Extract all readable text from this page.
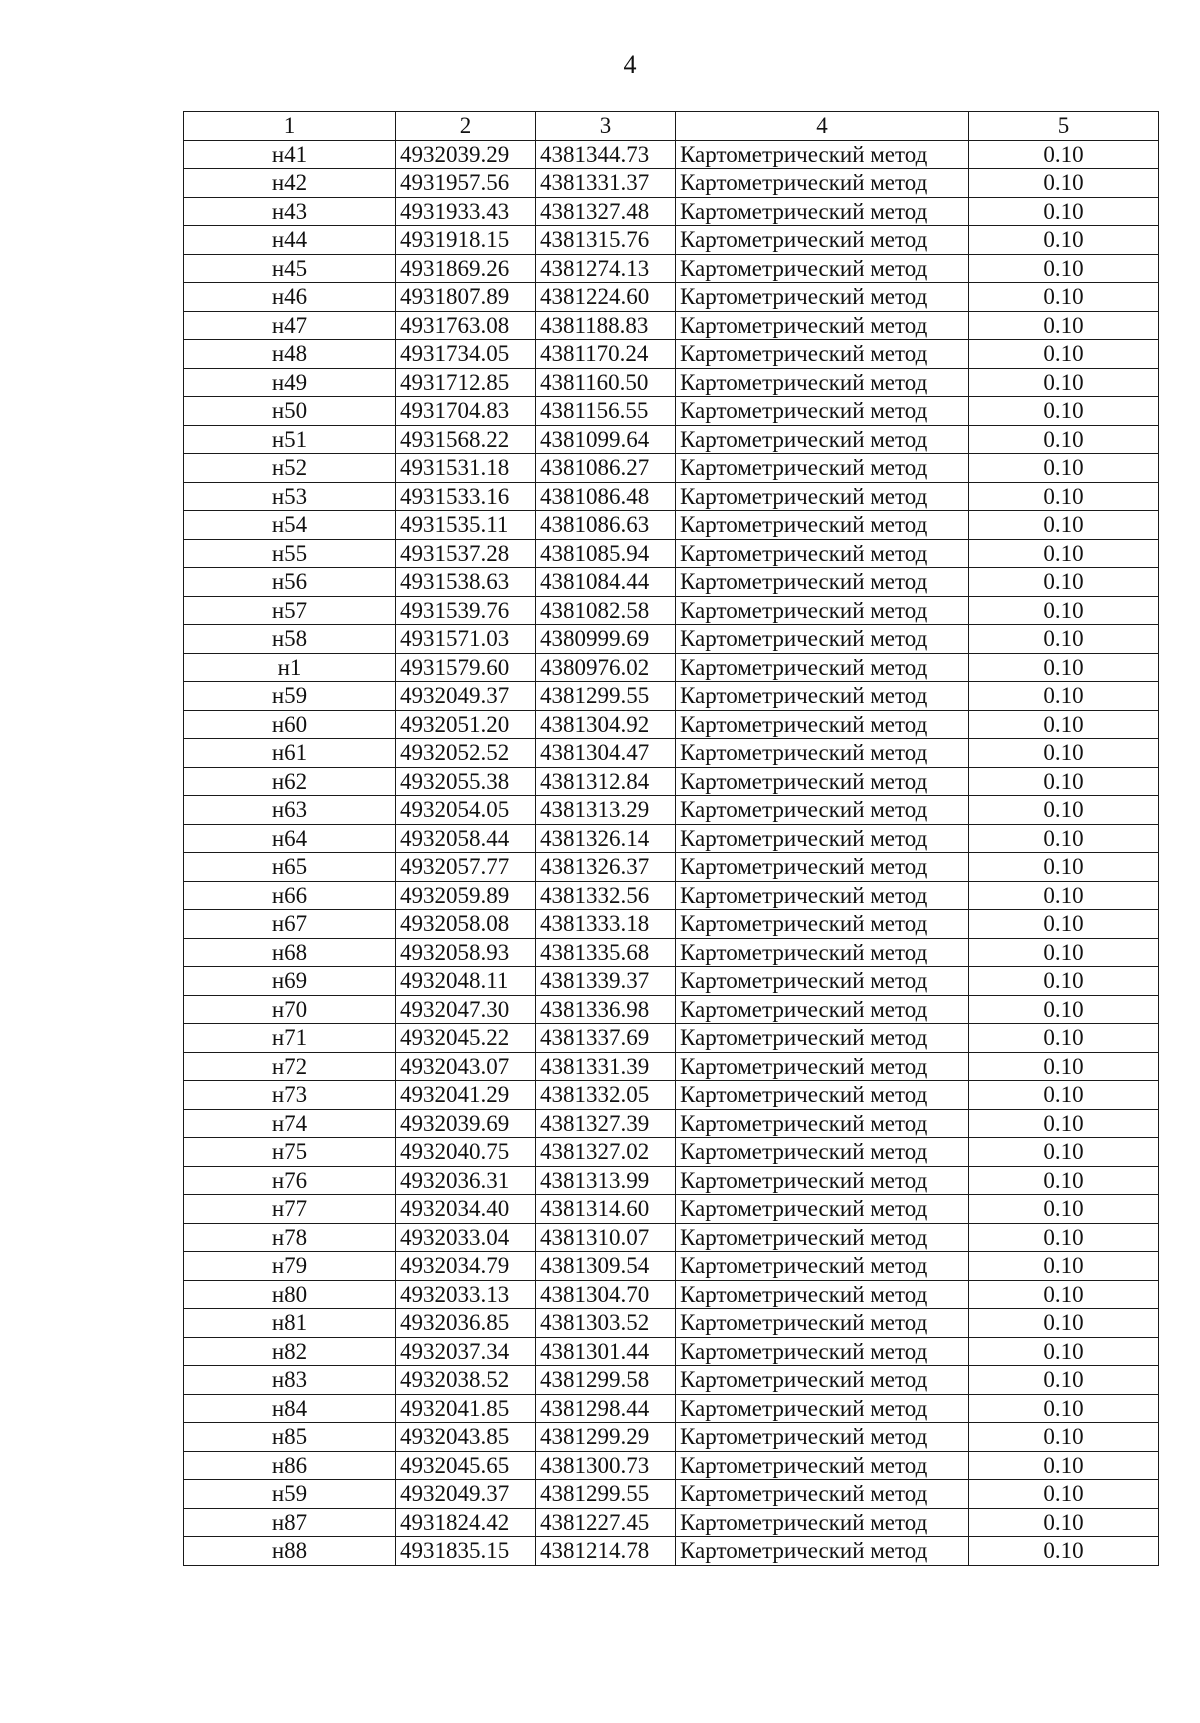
4
1	2	3	4	5
н41	4932039.29	4381344.73	Картометрический метод	0.10
н42	4931957.56	4381331.37	Картометрический метод	0.10
н43	4931933.43	4381327.48	Картометрический метод	0.10
н44	4931918.15	4381315.76	Картометрический метод	0.10
н45	4931869.26	4381274.13	Картометрический метод	0.10
н46	4931807.89	4381224.60	Картометрический метод	0.10
н47	4931763.08	4381188.83	Картометрический метод	0.10
н48	4931734.05	4381170.24	Картометрический метод	0.10
н49	4931712.85	4381160.50	Картометрический метод	0.10
н50	4931704.83	4381156.55	Картометрический метод	0.10
н51	4931568.22	4381099.64	Картометрический метод	0.10
н52	4931531.18	4381086.27	Картометрический метод	0.10
н53	4931533.16	4381086.48	Картометрический метод	0.10
н54	4931535.11	4381086.63	Картометрический метод	0.10
н55	4931537.28	4381085.94	Картометрический метод	0.10
н56	4931538.63	4381084.44	Картометрический метод	0.10
н57	4931539.76	4381082.58	Картометрический метод	0.10
н58	4931571.03	4380999.69	Картометрический метод	0.10
н1	4931579.60	4380976.02	Картометрический метод	0.10
н59	4932049.37	4381299.55	Картометрический метод	0.10
н60	4932051.20	4381304.92	Картометрический метод	0.10
н61	4932052.52	4381304.47	Картометрический метод	0.10
н62	4932055.38	4381312.84	Картометрический метод	0.10
н63	4932054.05	4381313.29	Картометрический метод	0.10
н64	4932058.44	4381326.14	Картометрический метод	0.10
н65	4932057.77	4381326.37	Картометрический метод	0.10
н66	4932059.89	4381332.56	Картометрический метод	0.10
н67	4932058.08	4381333.18	Картометрический метод	0.10
н68	4932058.93	4381335.68	Картометрический метод	0.10
н69	4932048.11	4381339.37	Картометрический метод	0.10
н70	4932047.30	4381336.98	Картометрический метод	0.10
н71	4932045.22	4381337.69	Картометрический метод	0.10
н72	4932043.07	4381331.39	Картометрический метод	0.10
н73	4932041.29	4381332.05	Картометрический метод	0.10
н74	4932039.69	4381327.39	Картометрический метод	0.10
н75	4932040.75	4381327.02	Картометрический метод	0.10
н76	4932036.31	4381313.99	Картометрический метод	0.10
н77	4932034.40	4381314.60	Картометрический метод	0.10
н78	4932033.04	4381310.07	Картометрический метод	0.10
н79	4932034.79	4381309.54	Картометрический метод	0.10
н80	4932033.13	4381304.70	Картометрический метод	0.10
н81	4932036.85	4381303.52	Картометрический метод	0.10
н82	4932037.34	4381301.44	Картометрический метод	0.10
н83	4932038.52	4381299.58	Картометрический метод	0.10
н84	4932041.85	4381298.44	Картометрический метод	0.10
н85	4932043.85	4381299.29	Картометрический метод	0.10
н86	4932045.65	4381300.73	Картометрический метод	0.10
н59	4932049.37	4381299.55	Картометрический метод	0.10
н87	4931824.42	4381227.45	Картометрический метод	0.10
н88	4931835.15	4381214.78	Картометрический метод	0.10
